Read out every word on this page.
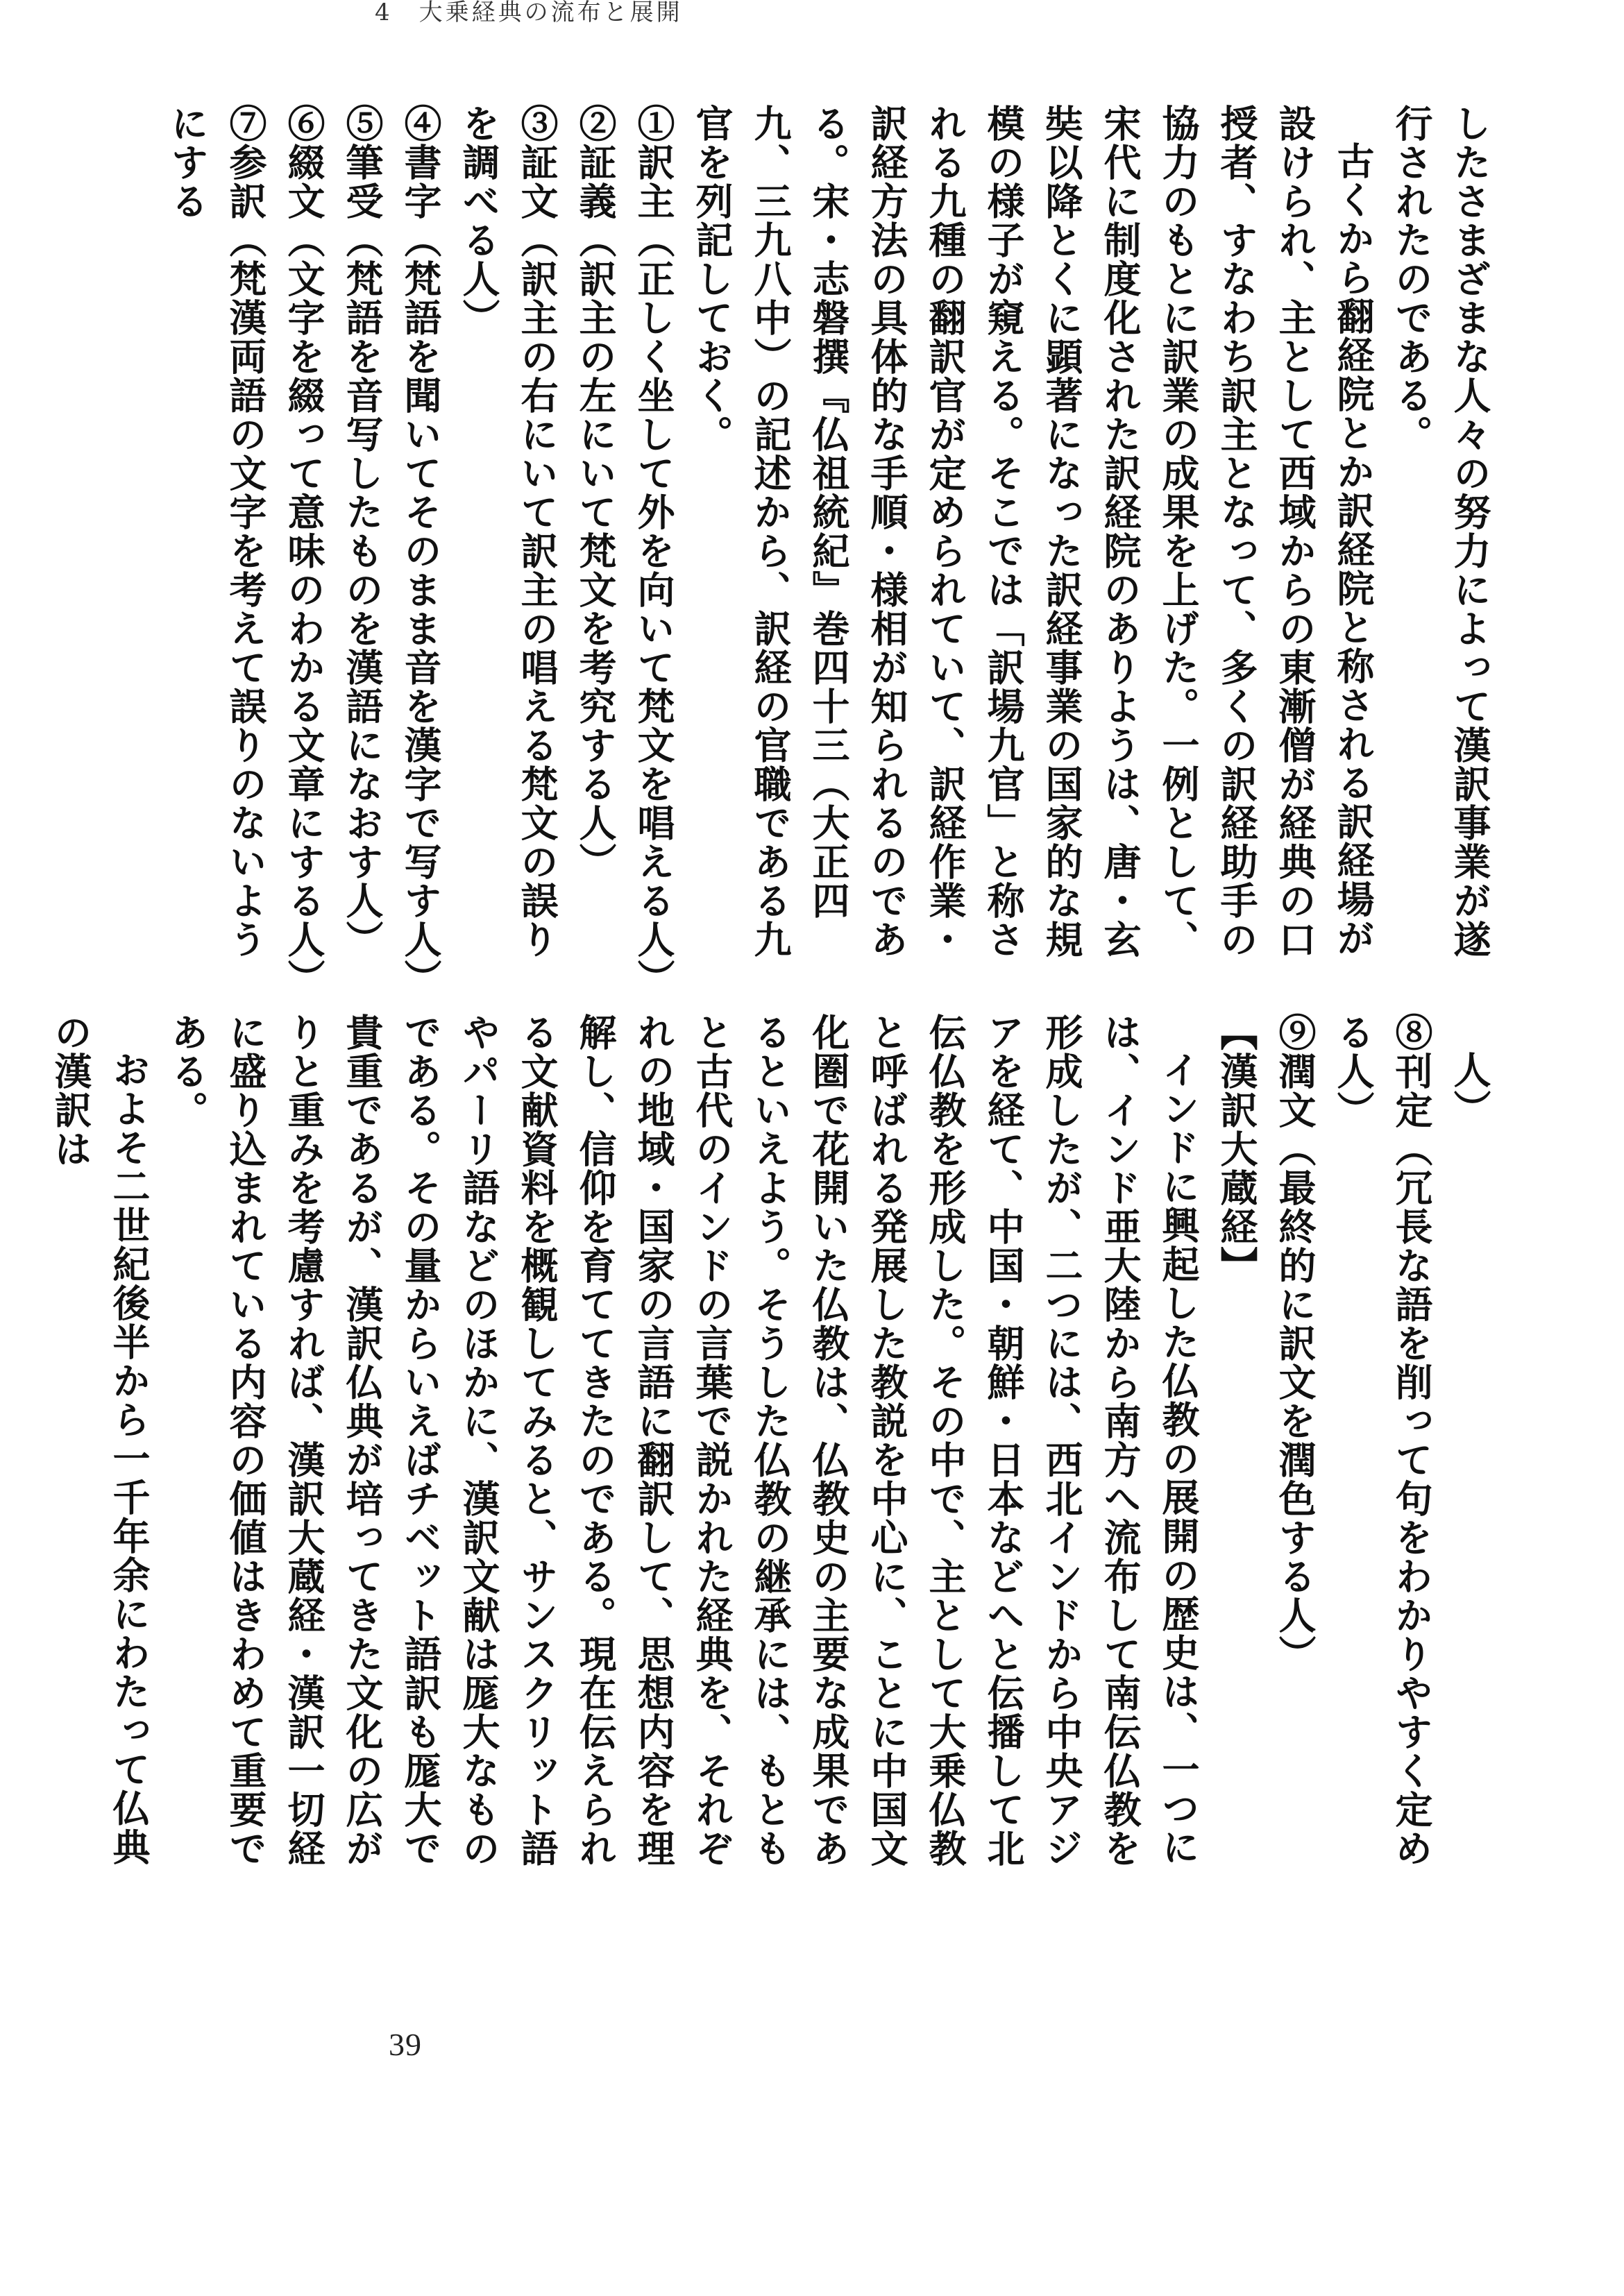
4　大乗経典の流布と展開

したさまざまな人々の努力によって漢訳事業が遂行されたのである。

古くから翻経院とか訳経院と称される訳経場が設けられ、主として西域からの東漸僧が経典の口授者、すなわち訳主となって、多くの訳経助手の協力のもとに訳業の成果を上げた。一例として、宋代に制度化された訳経院のありようは、唐・玄奘以降とくに顕著になった訳経事業の国家的な規模の様子が窺える。そこでは「訳場九官」と称される九種の翻訳官が定められていて、訳経作業・訳経方法の具体的な手順・様相が知られるのである。宋・志磐撰『仏祖統紀』巻四十三（大正四九、三九八中）の記述から、訳経の官職である九官を列記しておく。

①訳主（正しく坐して外を向いて梵文を唱える人）

②証義（訳主の左にいて梵文を考究する人）

③証文（訳主の右にいて訳主の唱える梵文の誤りを調べる人）

④書字（梵語を聞いてそのまま音を漢字で写す人）

⑤筆受（梵語を音写したものを漢語になおす人）

⑥綴文（文字を綴って意味のわかる文章にする人）

⑦参訳（梵漢両語の文字を考えて誤りのないようにする

人）

⑧刊定（冗長な語を削って句をわかりやすく定める人）

⑨潤文（最終的に訳文を潤色する人）

【漢訳大蔵経】

インドに興起した仏教の展開の歴史は、一つには、インド亜大陸から南方へ流布して南伝仏教を形成したが、二つには、西北インドから中央アジアを経て、中国・朝鮮・日本などへと伝播して北伝仏教を形成した。その中で、主として大乗仏教と呼ばれる発展した教説を中心に、ことに中国文化圏で花開いた仏教は、仏教史の主要な成果であるといえよう。そうした仏教の継承には、もともと古代のインドの言葉で説かれた経典を、それぞれの地域・国家の言語に翻訳して、思想内容を理解し、信仰を育ててきたのである。現在伝えられる文献資料を概観してみると、サンスクリット語やパーリ語などのほかに、漢訳文献は厖大なものである。その量からいえばチベット語訳も厖大で貴重であるが、漢訳仏典が培ってきた文化の広がりと重みを考慮すれば、漢訳大蔵経・漢訳一切経に盛り込まれている内容の価値はきわめて重要である。

およそ二世紀後半から一千年余にわたって仏典の漢訳は

39
